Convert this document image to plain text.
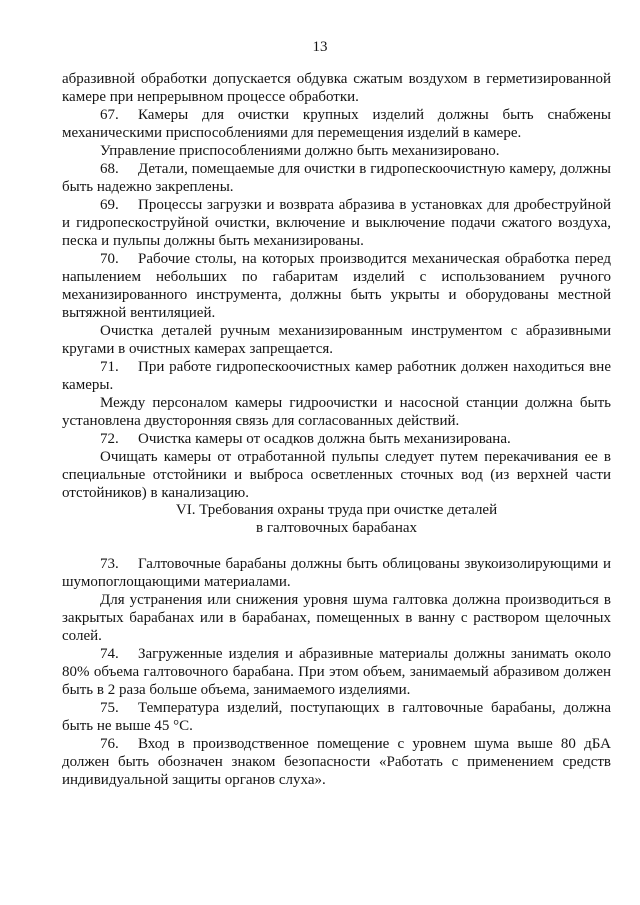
13

абразивной обработки допускается обдувка сжатым воздухом в герметизированной камере при непрерывном процессе обработки.

67. Камеры для очистки крупных изделий должны быть снабжены механическими приспособлениями для перемещения изделий в камере.

Управление приспособлениями должно быть механизировано.

68. Детали, помещаемые для очистки в гидропескоочистную камеру, должны быть надежно закреплены.

69. Процессы загрузки и возврата абразива в установках для дробеструйной и гидропескоструйной очистки, включение и выключение подачи сжатого воздуха, песка и пульпы должны быть механизированы.

70. Рабочие столы, на которых производится механическая обработка перед напылением небольших по габаритам изделий с использованием ручного механизированного инструмента, должны быть укрыты и оборудованы местной вытяжной вентиляцией.

Очистка деталей ручным механизированным инструментом с абразивными кругами в очистных камерах запрещается.

71. При работе гидропескоочистных камер работник должен находиться вне камеры.

Между персоналом камеры гидроочистки и насосной станции должна быть установлена двусторонняя связь для согласованных действий.

72. Очистка камеры от осадков должна быть механизирована.

Очищать камеры от отработанной пульпы следует путем перекачивания ее в специальные отстойники и выброса осветленных сточных вод (из верхней части отстойников) в канализацию.

VI. Требования охраны труда при очистке деталей
в галтовочных барабанах

73. Галтовочные барабаны должны быть облицованы звукоизолирующими и шумопоглощающими материалами.

Для устранения или снижения уровня шума галтовка должна производиться в закрытых барабанах или в барабанах, помещенных в ванну с раствором щелочных солей.

74. Загруженные изделия и абразивные материалы должны занимать около 80% объема галтовочного барабана. При этом объем, занимаемый абразивом должен быть в 2 раза больше объема, занимаемого изделиями.

75. Температура изделий, поступающих в галтовочные барабаны, должна быть не выше 45 °С.

76. Вход в производственное помещение с уровнем шума выше 80 дБА должен быть обозначен знаком безопасности «Работать с применением средств индивидуальной защиты органов слуха».
